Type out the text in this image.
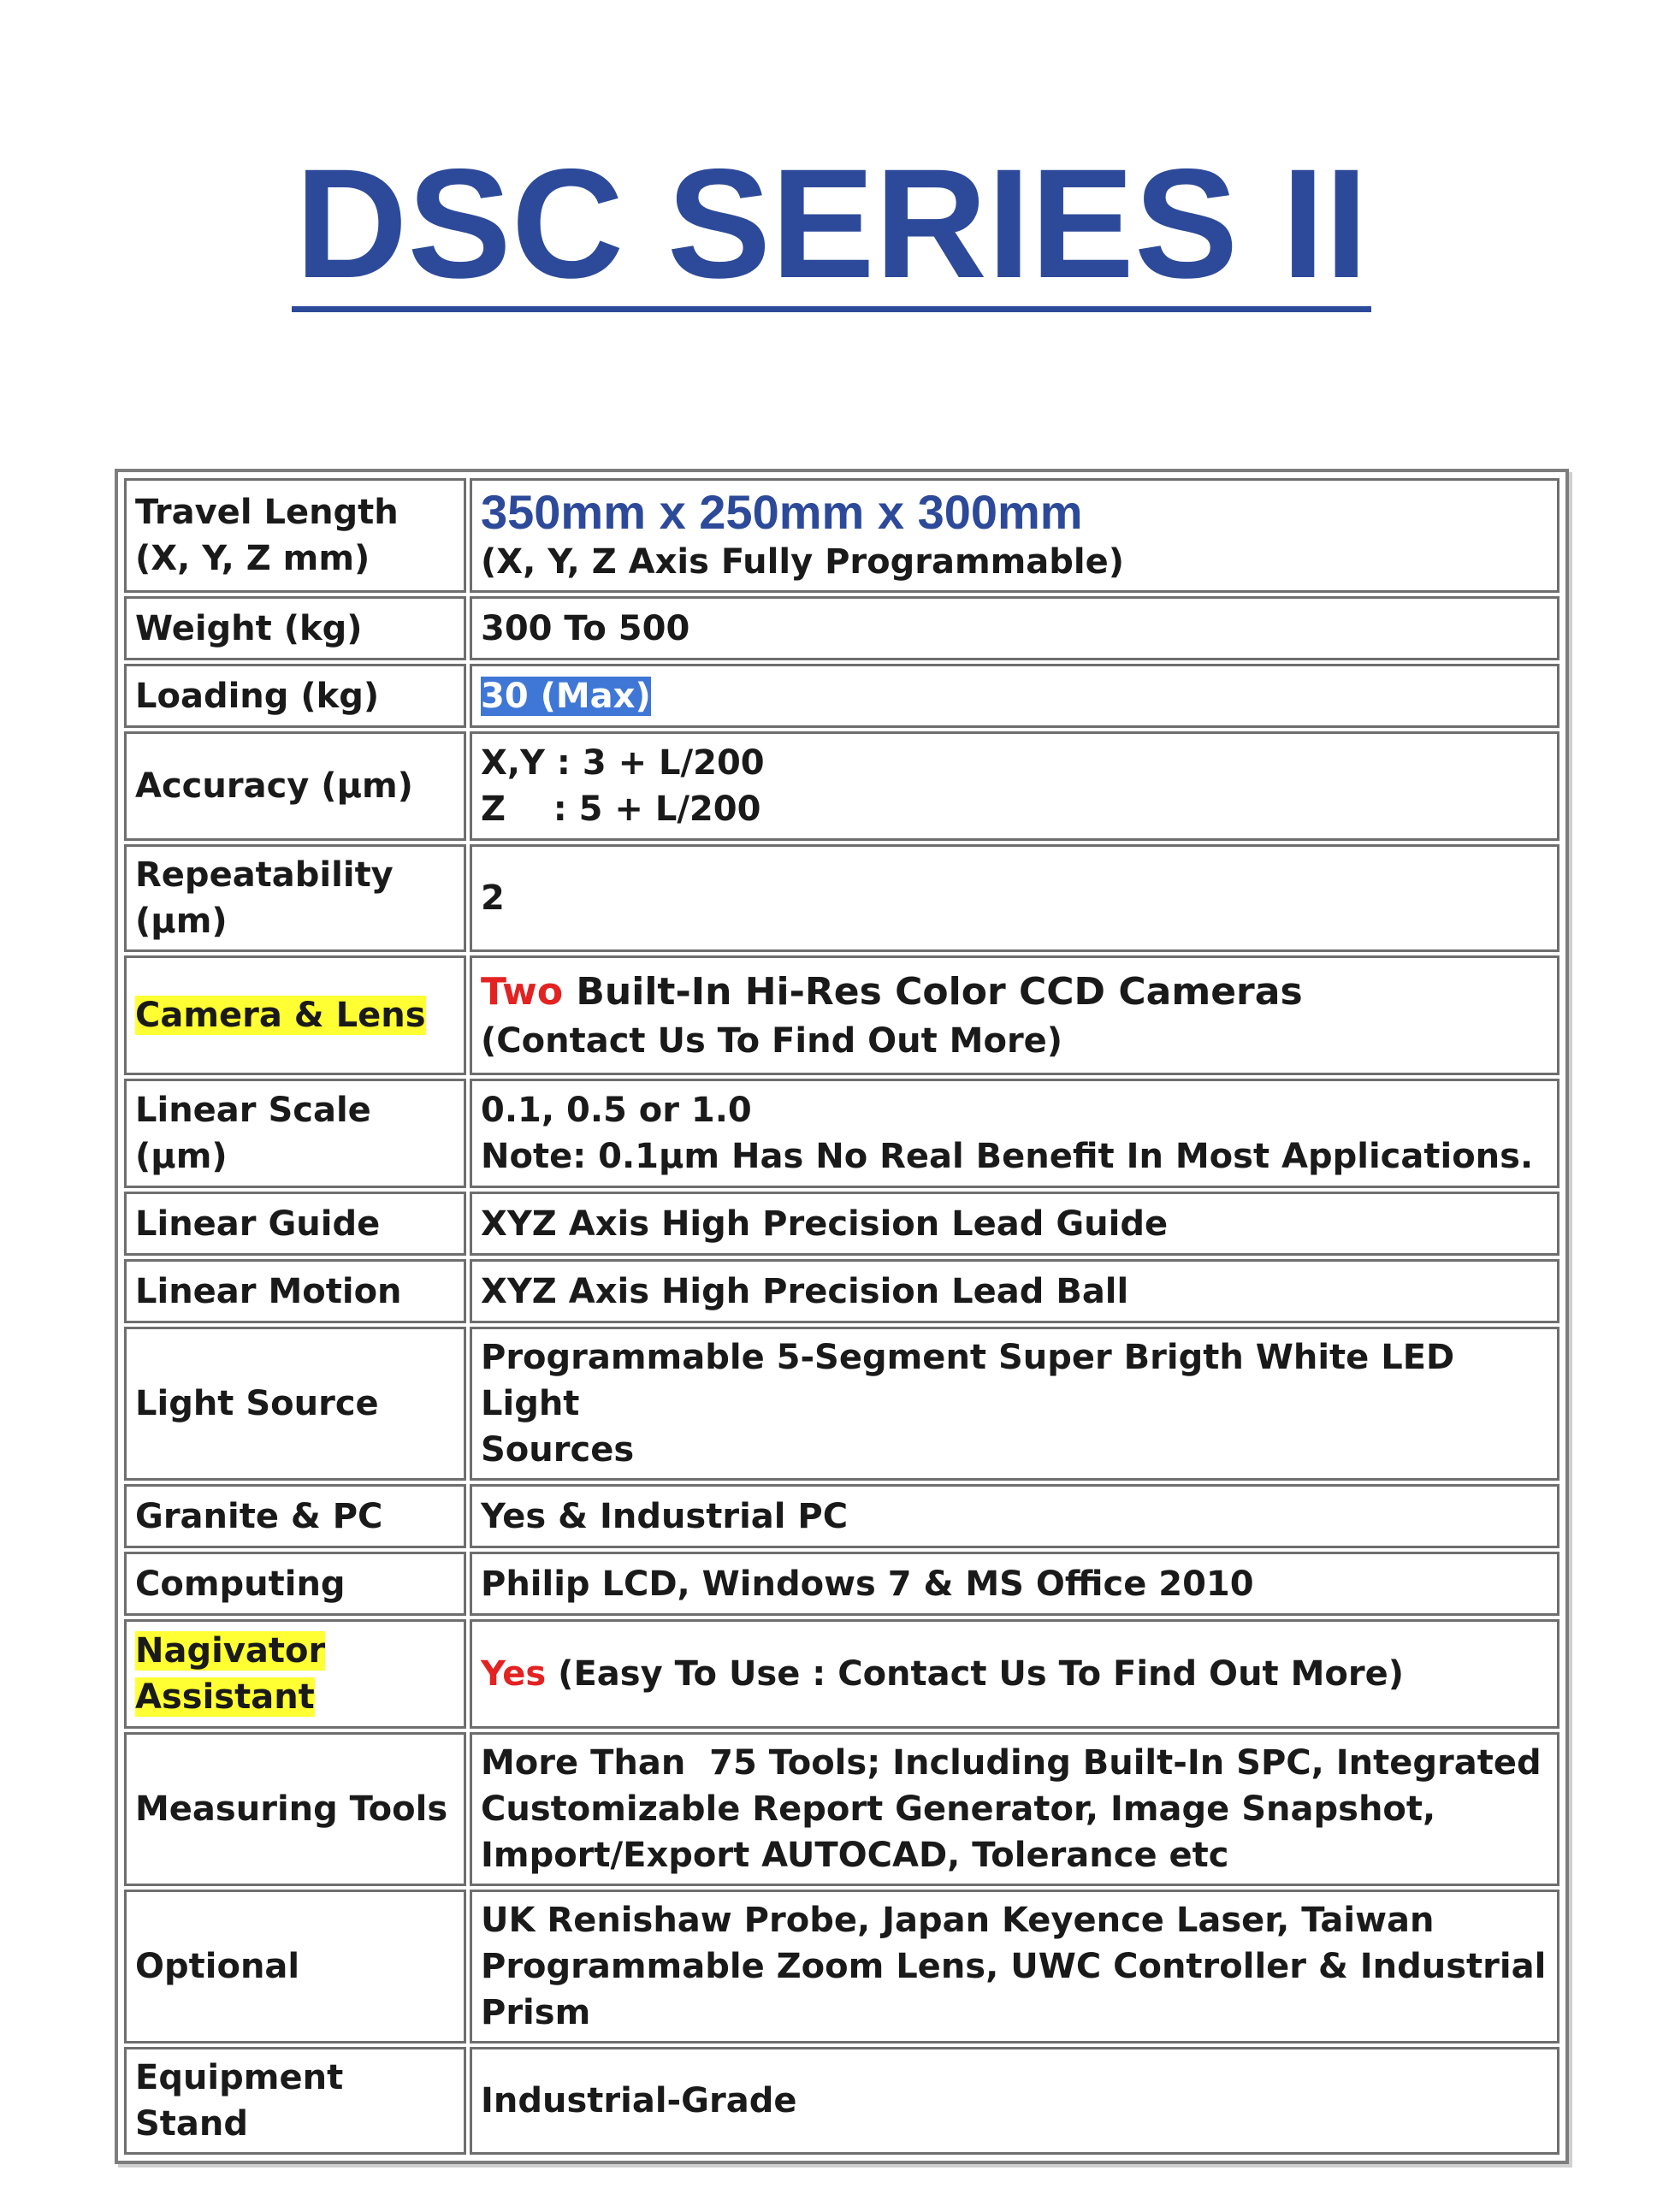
DSC SERIES II
Travel Length
(X, Y, Z mm)	350mm x 250mm x 300mm
(X, Y, Z Axis Fully Programmable)

Weight (kg)	300 To 500
Loading (kg)	30 (Max)
Accuracy (µm)	X,Y : 3 + L/200
Z    : 5 + L/200

Repeatability (µm)	2
Camera & Lens	Two Built-In Hi-Res Color CCD Cameras
(Contact Us To Find Out More)

Linear Scale (µm)	0.1, 0.5 or 1.0
Note: 0.1µm Has No Real Benefit In Most Applications.

Linear Guide	XYZ Axis High Precision Lead Guide
Linear Motion	XYZ Axis High Precision Lead Ball
Light Source	Programmable 5-Segment Super Brigth White LED Light
Sources

Granite & PC	Yes & Industrial PC
Computing	Philip LCD, Windows 7 & MS Office 2010

Nagivator
Assistant	Yes (Easy To Use : Contact Us To Find Out More)
Measuring Tools	More Than  75 Tools; Including Built-In SPC, Integrated
Customizable Report Generator, Image Snapshot,
Import/Export AUTOCAD, Tolerance etc

Optional	UK Renishaw Probe, Japan Keyence Laser, Taiwan
Programmable Zoom Lens, UWC Controller & Industrial Prism

Equipment Stand	Industrial-Grade
